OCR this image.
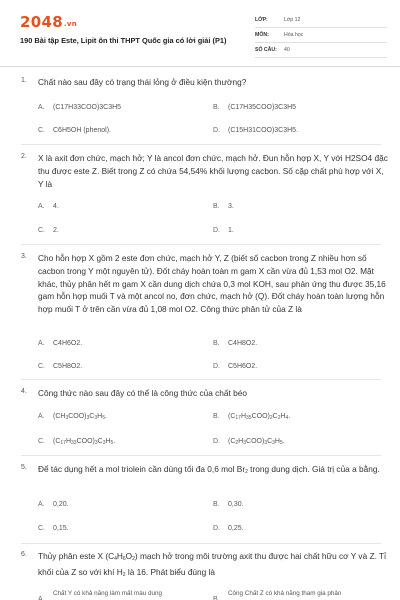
2048.vn
190 Bài tập Este, Lipit ôn thi THPT Quốc gia có lời giải (P1)
LỚP:	Lớp 12
MÔN:	Hóa học
SỐ CÂU:	40
1. Chất nào sau đây có trạng thái lỏng ở điều kiện thường?
A. (C17H33COO)3C3H5	B. (C17H35COO)3C3H5
C. C6H5OH (phenol).	D. (C15H31COO)3C3H5.
2. X là axit đơn chức, mạch hở; Y là ancol đơn chức, mạch hở. Đun hỗn hợp X, Y với H2SO4 đặc thu được este Z. Biết trong Z có chứa 54,54% khối lượng cacbon. Số cặp chất phù hợp với X, Y là
A. 4.	B. 3.
C. 2.	D. 1.
3. Cho hỗn hợp X gồm 2 este đơn chức, mạch hở Y, Z (biết số cacbon trong Z nhiều hơn số cacbon trong Y một nguyên tử). Đốt cháy hoàn toàn m gam X cần vừa đủ 1,53 mol O2. Mặt khác, thủy phân hết m gam X cần dung dịch chứa 0,3 mol KOH, sau phản ứng thu được 35,16 gam hỗn hợp muối T và một ancol no, đơn chức, mạch hở (Q). Đốt cháy hoàn toàn lượng hỗn hợp muối T ở trên cần vừa đủ 1,08 mol O2. Công thức phân tử của Z là
A. C4H6O2.	B. C4H8O2.
C. C5H8O2.	D. C5H6O2.
4. Công thức nào sau đây có thể là công thức của chất béo
A. $(CH_3COO)_3C_3H_5$.	B. $(C_{17}H_{35}COO)_2C_2H_4$.
C. $(C_{17}H_{33}COO)_3C_3H_5$.	D. $(C_2H_3COO)_3C_3H_5$.
5. Để tác dụng hết a mol triolein cần dùng tối đa 0,6 mol $Br_2$ trong dung dịch. Giá trị của a bằng.
A. 0,20.	B. 0,30.
C. 0,15.	D. 0,25.
6. Thủy phân este X $(C_4H_6O_2)$ mạch hở trong môi trường axit thu được hai chất hữu cơ Y và Z. Tỉ khối của Z so với khí $H_2$ là 16. Phát biểu đúng là
A.Chất Y có khả năng làm mất màu dung
B.Công Chất Z có khả năng tham gia phản
